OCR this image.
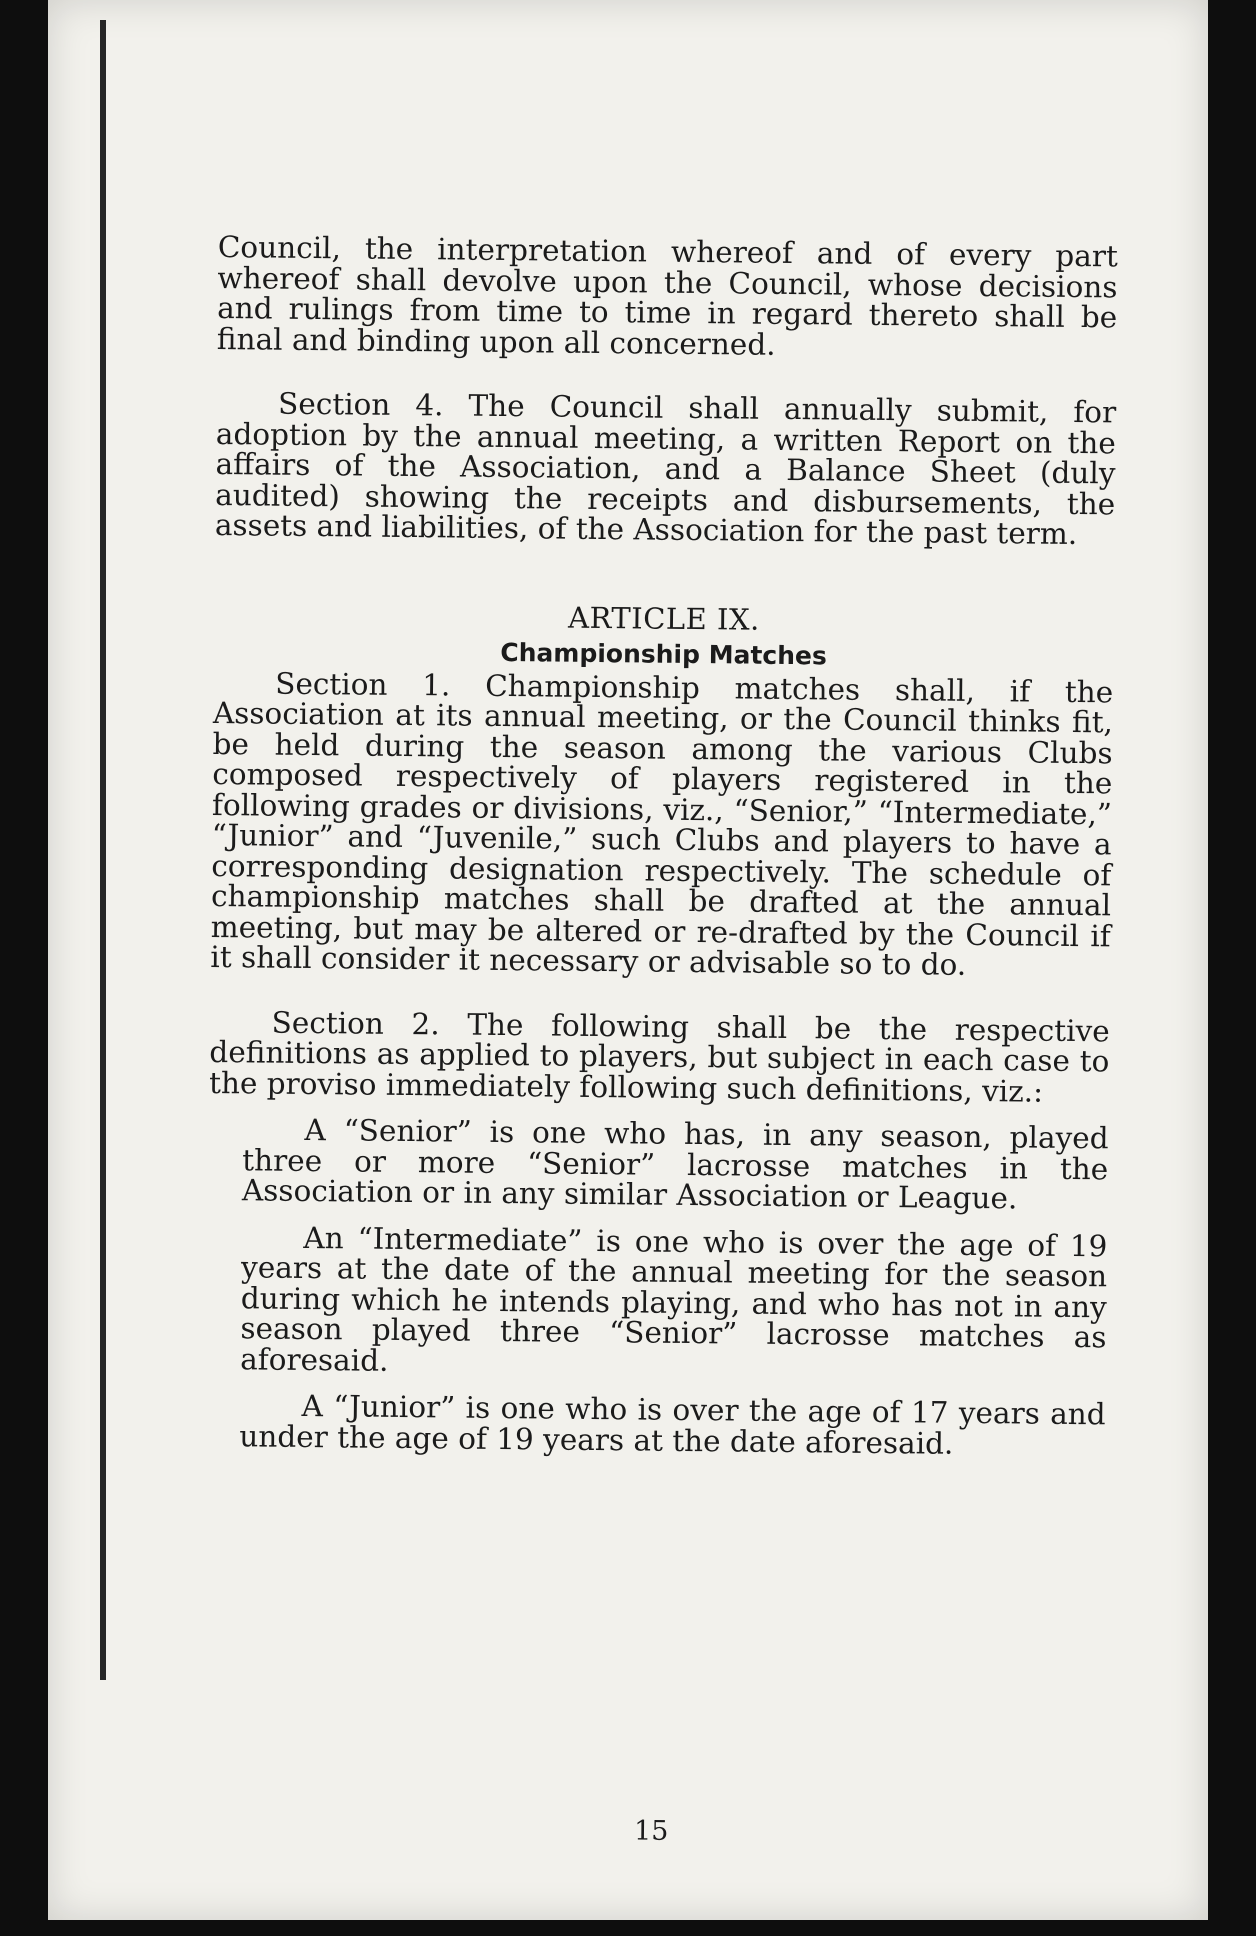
Council, the interpretation whereof and of every part whereof shall devolve upon the Council, whose decisions and rulings from time to time in regard thereto shall be final and binding upon all concerned.

Section 4. The Council shall annually submit, for adoption by the annual meeting, a written Report on the affairs of the Association, and a Balance Sheet (duly audited) showing the receipts and disbursements, the assets and liabilities, of the Association for the past term.

ARTICLE IX.

Championship Matches

Section 1. Championship matches shall, if the Association at its annual meeting, or the Council thinks fit, be held during the season among the various Clubs composed respectively of players registered in the following grades or divisions, viz., “Senior,” “Intermediate,” “Junior” and “Juvenile,” such Clubs and players to have a corresponding designation respectively. The schedule of championship matches shall be drafted at the annual meeting, but may be altered or re-drafted by the Council if it shall consider it necessary or advisable so to do.

Section 2. The following shall be the respective definitions as applied to players, but subject in each case to the proviso immediately following such definitions, viz.:

A “Senior” is one who has, in any season, played three or more “Senior” lacrosse matches in the Association or in any similar Association or League.

An “Intermediate” is one who is over the age of 19 years at the date of the annual meeting for the season during which he intends playing, and who has not in any season played three “Senior” lacrosse matches as aforesaid.

A “Junior” is one who is over the age of 17 years and under the age of 19 years at the date aforesaid.

15
